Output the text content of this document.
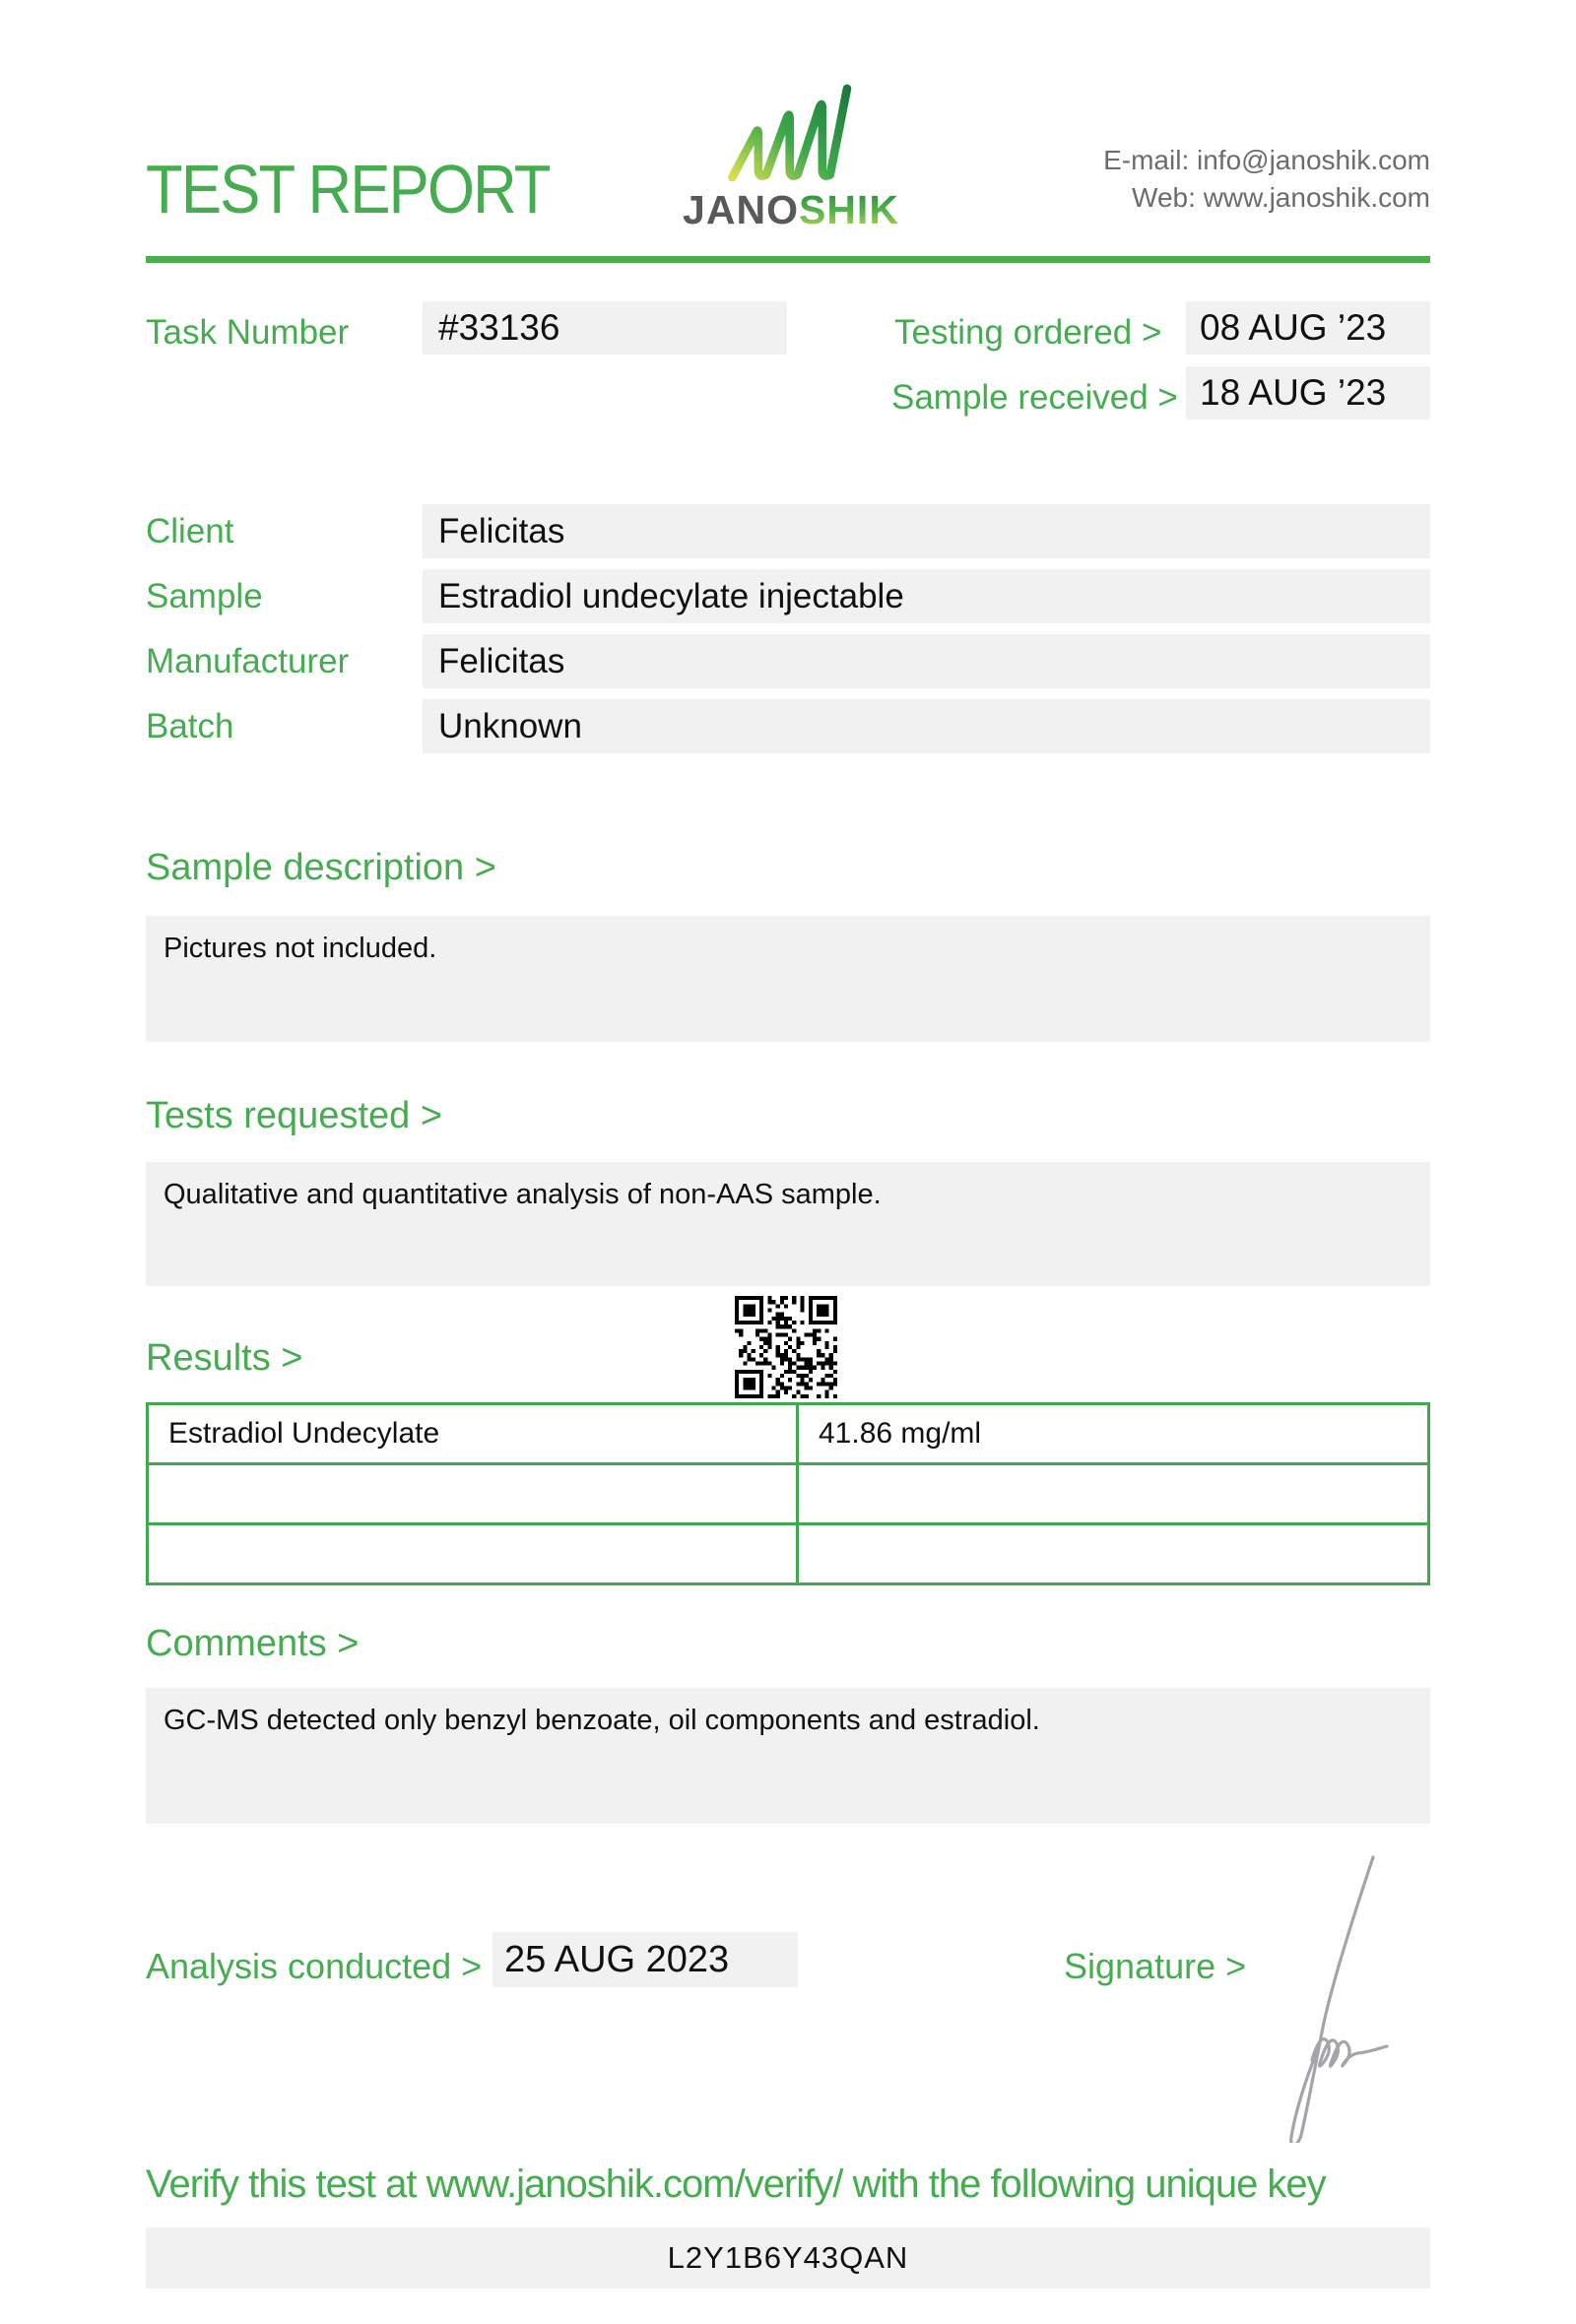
TEST REPORT	JANOSHIK
E-mail: info@janoshik.com
Web: www.janoshik.com
Task Number	#33136	Testing ordered >	08 AUG ’23
Sample received > 18 AUG ’23
Client	Felicitas
Sample	Estradiol undecylate injectable
Manufacturer	Felicitas
Batch	Unknown
Sample description >
Pictures not included.
Tests requested >
Qualitative and quantitative analysis of non-AAS sample.
Results >
Estradiol Undecylate	41.86 mg/ml
Comments >
GC-MS detected only benzyl benzoate, oil components and estradiol.
Analysis conducted > 25 AUG 2023	Signature >
Verify this test at www.janoshik.com/verify/ with the following unique key
L2Y1B6Y43QAN
